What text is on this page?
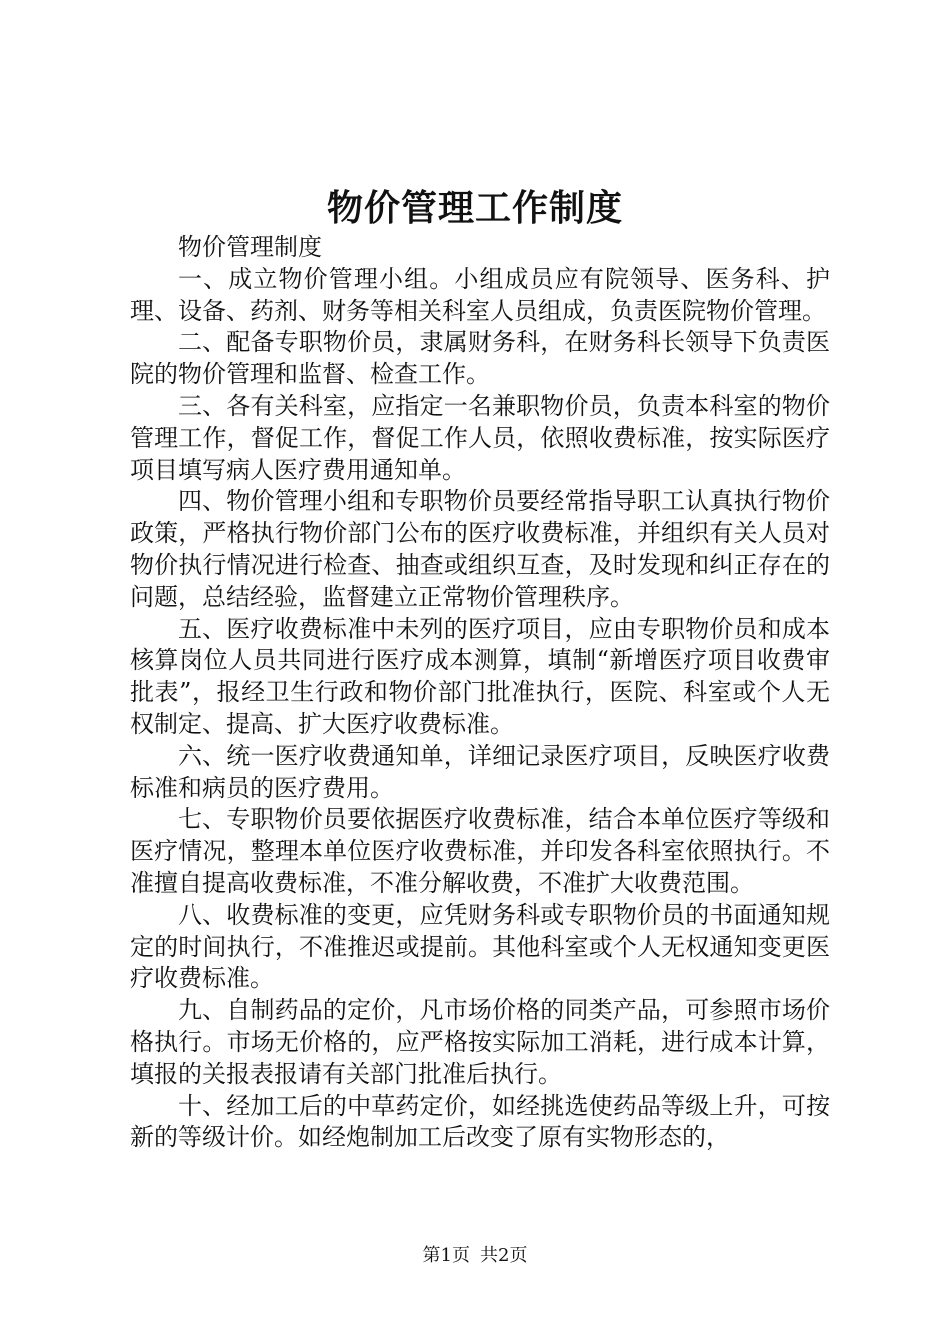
物价管理工作制度

物价管理制度

一、成立物价管理小组。小组成员应有院领导、医务科、护理、设备、药剂、财务等相关科室人员组成，负责医院物价管理。

二、配备专职物价员，隶属财务科，在财务科长领导下负责医院的物价管理和监督、检查工作。

三、各有关科室，应指定一名兼职物价员，负责本科室的物价管理工作，督促工作，督促工作人员，依照收费标准，按实际医疗项目填写病人医疗费用通知单。

四、物价管理小组和专职物价员要经常指导职工认真执行物价政策，严格执行物价部门公布的医疗收费标准，并组织有关人员对物价执行情况进行检查、抽查或组织互查，及时发现和纠正存在的问题，总结经验，监督建立正常物价管理秩序。

五、医疗收费标准中未列的医疗项目，应由专职物价员和成本核算岗位人员共同进行医疗成本测算，填制“新增医疗项目收费审批表”，报经卫生行政和物价部门批准执行，医院、科室或个人无权制定、提高、扩大医疗收费标准。

六、统一医疗收费通知单，详细记录医疗项目，反映医疗收费标准和病员的医疗费用。

七、专职物价员要依据医疗收费标准，结合本单位医疗等级和医疗情况，整理本单位医疗收费标准，并印发各科室依照执行。不准擅自提高收费标准，不准分解收费，不准扩大收费范围。

八、收费标准的变更，应凭财务科或专职物价员的书面通知规定的时间执行，不准推迟或提前。其他科室或个人无权通知变更医疗收费标准。

九、自制药品的定价，凡市场价格的同类产品，可参照市场价格执行。市场无价格的，应严格按实际加工消耗，进行成本计算，填报的关报表报请有关部门批准后执行。

十、经加工后的中草药定价，如经挑选使药品等级上升，可按新的等级计价。如经炮制加工后改变了原有实物形态的，

第1页 共2页
